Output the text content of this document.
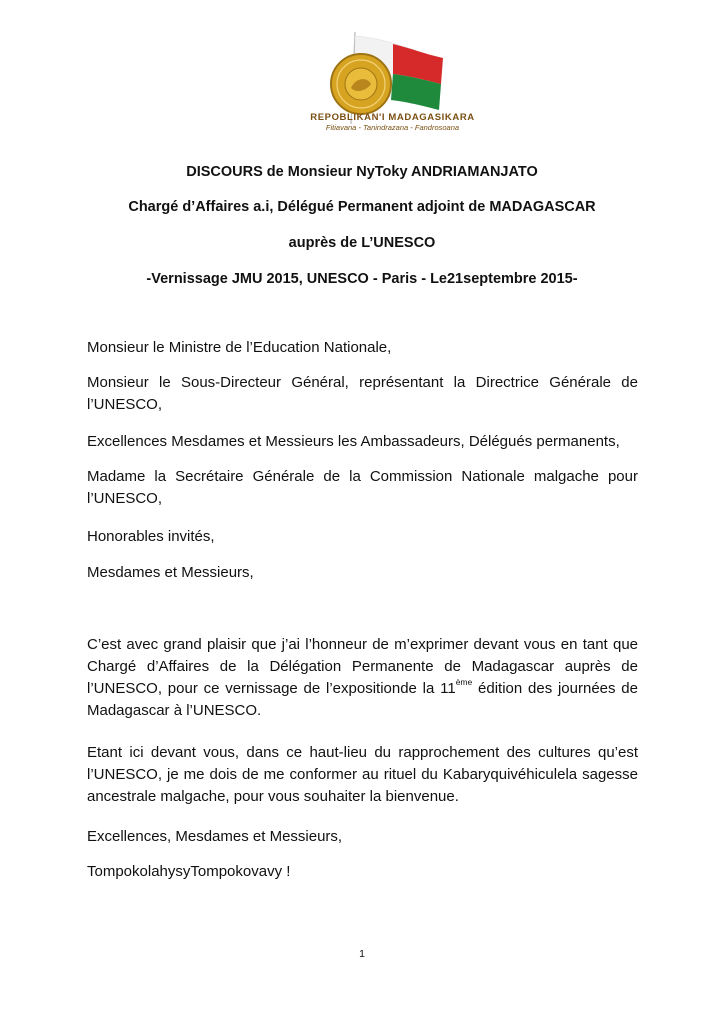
REPOBLIKAN'I MADAGASIKARA
Fitiavana - Tanindrazana - Fandrosoana
DISCOURS de Monsieur NyToky ANDRIAMANJATO
Chargé d’Affaires a.i, Délégué Permanent adjoint de MADAGASCAR
auprès de L’UNESCO
-Vernissage JMU 2015, UNESCO - Paris - Le21septembre 2015-

Monsieur le Ministre de l’Education Nationale,

Monsieur le Sous-Directeur Général, représentant la Directrice Générale de l’UNESCO,

Excellences Mesdames et Messieurs les Ambassadeurs, Délégués permanents,

Madame la Secrétaire Générale de la Commission Nationale malgache pour l’UNESCO,

Honorables invités,

Mesdames et Messieurs,

C’est avec grand plaisir que j’ai l’honneur de m’exprimer devant vous en tant que Chargé d’Affaires de la Délégation Permanente de Madagascar auprès de l’UNESCO, pour ce vernissage de l’expositionde la 11ème édition des journées de Madagascar à l’UNESCO.

Etant ici devant vous, dans ce haut-lieu du rapprochement des cultures qu’est l’UNESCO, je me dois de me conformer au rituel du Kabaryquivéhiculela sagesse ancestrale malgache, pour vous souhaiter la bienvenue.

Excellences, Mesdames et Messieurs,

TompokolahysyTompokovavy !

1
